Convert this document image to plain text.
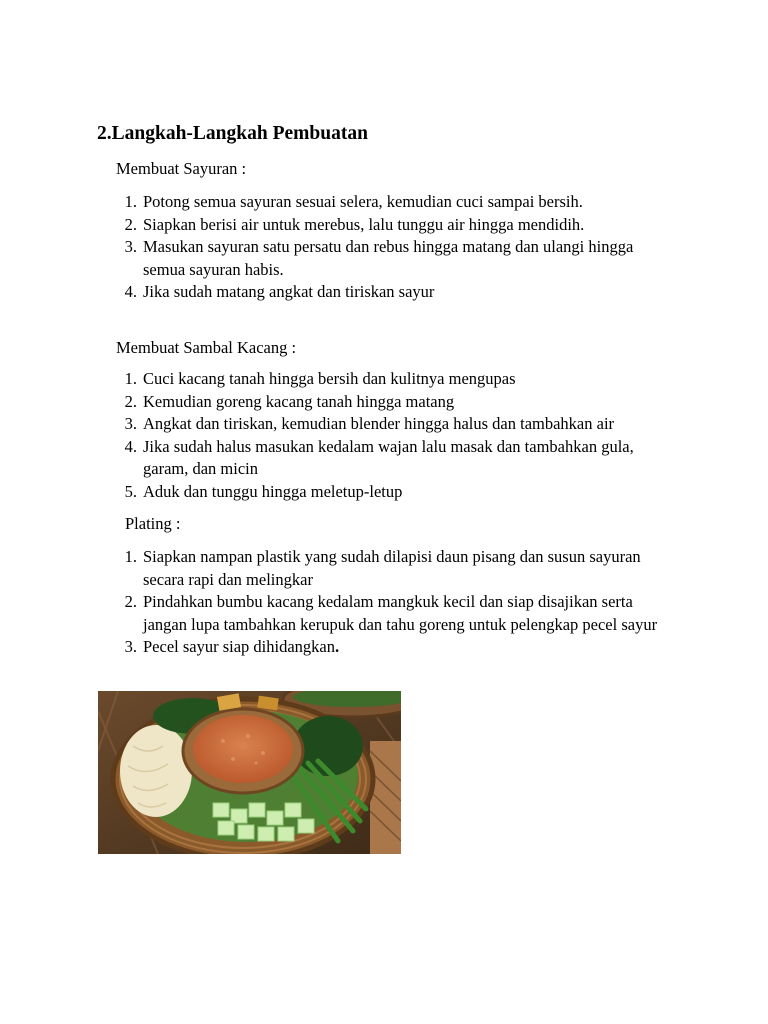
2.Langkah-Langkah Pembuatan
Membuat Sayuran :
1. Potong semua sayuran sesuai selera, kemudian cuci sampai bersih.
2. Siapkan berisi air untuk merebus, lalu tunggu air hingga mendidih.
3. Masukan sayuran satu persatu dan rebus hingga matang dan ulangi hingga semua sayuran habis.
4. Jika sudah matang angkat dan tiriskan sayur
Membuat Sambal Kacang :
1. Cuci kacang tanah hingga bersih dan kulitnya mengupas
2. Kemudian goreng kacang tanah hingga matang
3. Angkat dan tiriskan, kemudian blender hingga halus dan tambahkan air
4. Jika sudah halus masukan kedalam wajan lalu masak dan tambahkan gula, garam, dan micin
5. Aduk dan tunggu hingga meletup-letup
Plating :
1. Siapkan nampan plastik yang sudah dilapisi daun pisang dan susun sayuran secara rapi dan melingkar
2. Pindahkan bumbu kacang kedalam mangkuk kecil dan siap disajikan serta jangan lupa tambahkan kerupuk dan tahu goreng untuk pelengkap pecel sayur
3. Pecel sayur siap dihidangkan.
